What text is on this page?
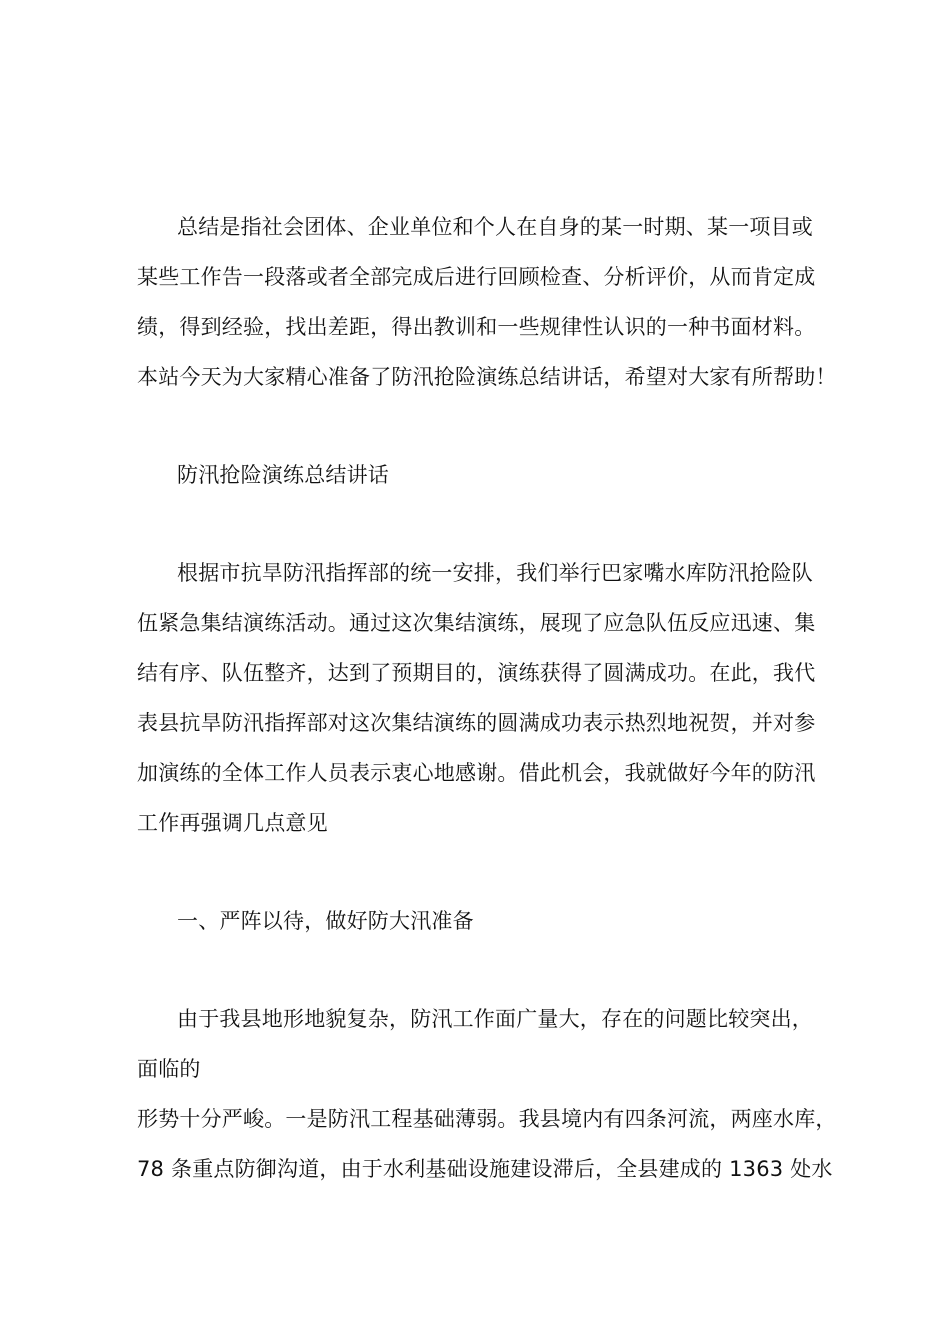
总结是指社会团体、企业单位和个人在自身的某一时期、某一项目或
某些工作告一段落或者全部完成后进行回顾检查、分析评价，从而肯定成
绩，得到经验，找出差距，得出教训和一些规律性认识的一种书面材料。
本站今天为大家精心准备了防汛抢险演练总结讲话，希望对大家有所帮助！
防汛抢险演练总结讲话
根据市抗旱防汛指挥部的统一安排，我们举行巴家嘴水库防汛抢险队
伍紧急集结演练活动。通过这次集结演练，展现了应急队伍反应迅速、集
结有序、队伍整齐，达到了预期目的，演练获得了圆满成功。在此，我代
表县抗旱防汛指挥部对这次集结演练的圆满成功表示热烈地祝贺，并对参
加演练的全体工作人员表示衷心地感谢。借此机会，我就做好今年的防汛
工作再强调几点意见
一、严阵以待，做好防大汛准备
由于我县地形地貌复杂，防汛工作面广量大，存在的问题比较突出，
面临的
形势十分严峻。一是防汛工程基础薄弱。我县境内有四条河流，两座水库，
78 条重点防御沟道，由于水利基础设施建设滞后，全县建成的 1363 处水
